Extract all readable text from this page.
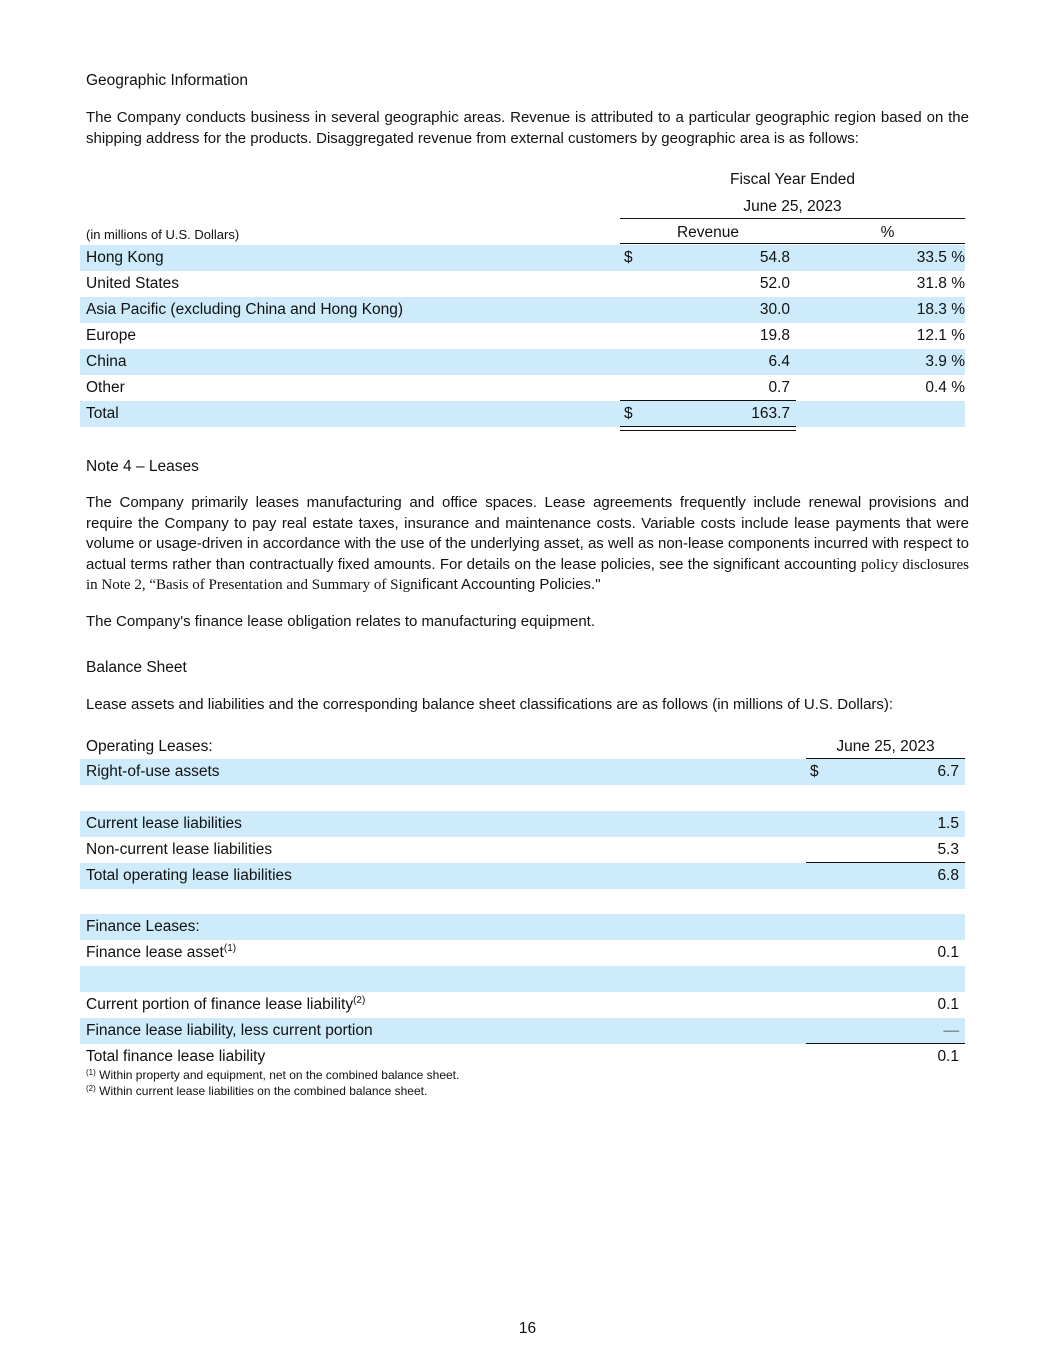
Geographic Information
The Company conducts business in several geographic areas. Revenue is attributed to a particular geographic region based on the shipping address for the products. Disaggregated revenue from external customers by geographic area is as follows:
Fiscal Year Ended
June 25, 2023
(in millions of U.S. Dollars)	Revenue	%
Hong Kong	$	54.8	33.5 %
United States	52.0	31.8 %
Asia Pacific (excluding China and Hong Kong)	30.0	18.3 %
Europe	19.8	12.1 %
China	6.4	3.9 %
Other	0.7	0.4 %
Total	$	163.7
Note 4 – Leases
The Company primarily leases manufacturing and office spaces. Lease agreements frequently include renewal provisions and require the Company to pay real estate taxes, insurance and maintenance costs. Variable costs include lease payments that were volume or usage-driven in accordance with the use of the underlying asset, as well as non-lease components incurred with respect to actual terms rather than contractually fixed amounts. For details on the lease policies, see the significant accounting policy disclosures in Note 2, “Basis of Presentation and Summary of Significant Accounting Policies."
The Company's finance lease obligation relates to manufacturing equipment.
Balance Sheet
Lease assets and liabilities and the corresponding balance sheet classifications are as follows (in millions of U.S. Dollars):
Operating Leases:	June 25, 2023
Right-of-use assets	$	6.7
Current lease liabilities	1.5
Non-current lease liabilities	5.3
Total operating lease liabilities	6.8
Finance Leases:
Finance lease asset$^{(1)}$	0.1
Current portion of finance lease liability$^{(2)}$	0.1
Finance lease liability, less current portion	—
Total finance lease liability	0.1
$^{(1)}$ Within property and equipment, net on the combined balance sheet.
$^{(2)}$ Within current lease liabilities on the combined balance sheet.
16
